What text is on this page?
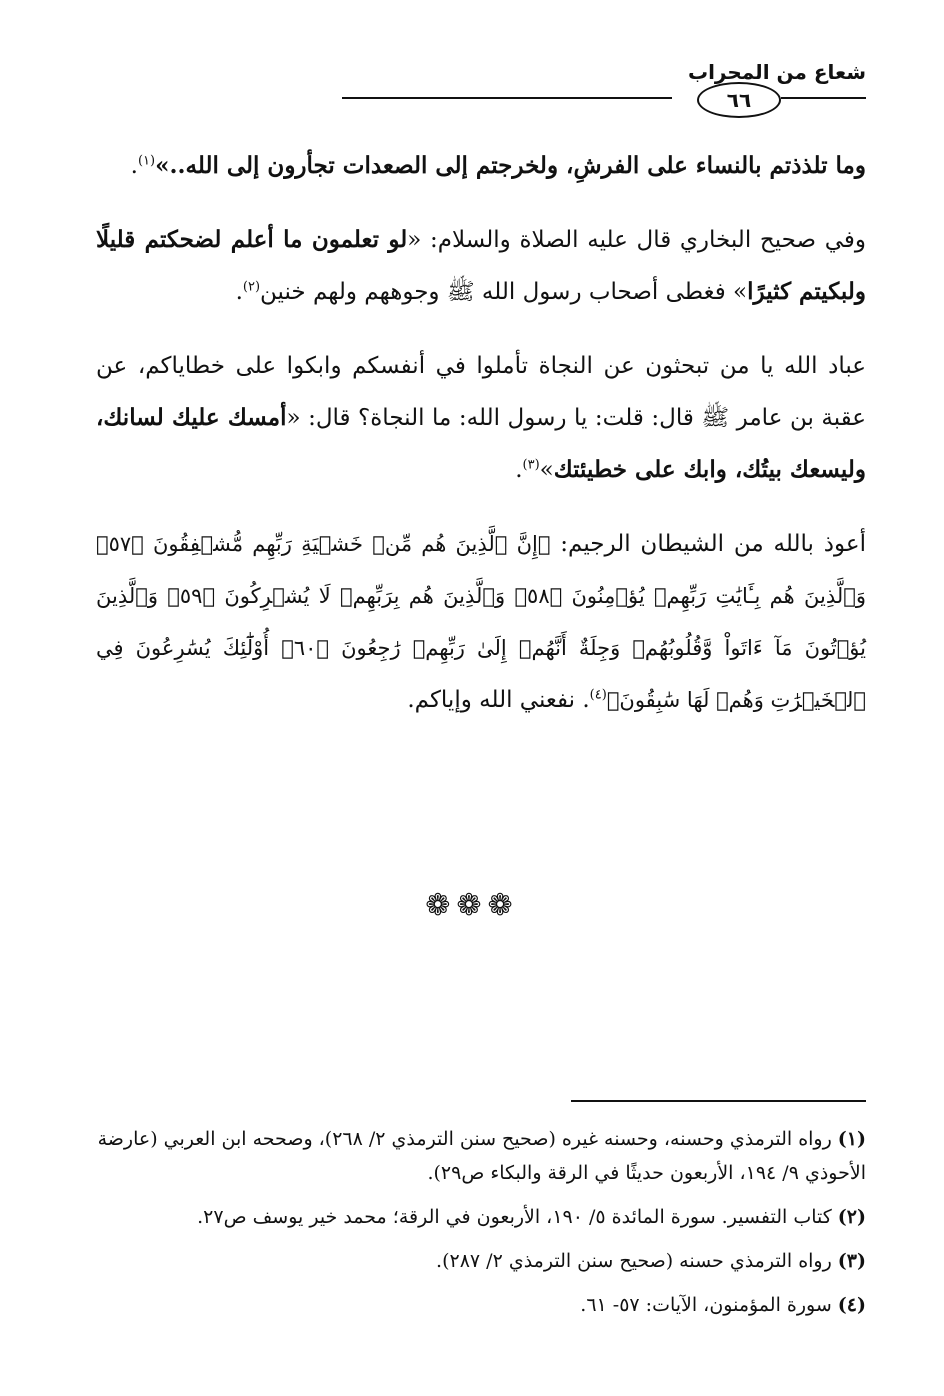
شعاع من المحراب
٦٦

وما تلذذتم بالنساء على الفرشِ، ولخرجتم إلى الصعدات تجأرون إلى الله..»$^{(١)}$.

وفي صحيح البخاري قال عليه الصلاة والسلام: «لو تعلمون ما أعلم لضحكتم قليلًا ولبكيتم كثيرًا» فغطى أصحاب رسول الله ﷺ وجوههم ولهم خنين$^{(٢)}$.

عباد الله يا من تبحثون عن النجاة تأملوا في أنفسكم وابكوا على خطاياكم، عن عقبة بن عامر ﷺ قال: قلت: يا رسول الله: ما النجاة؟ قال: «أمسك عليك لسانك، وليسعك بيتُك، وابك على خطيئتك»$^{(٣)}$.

أعوذ بالله من الشيطان الرجيم: ﴿إِنَّ ٱلَّذِينَ هُم مِّنۡ خَشۡيَةِ رَبِّهِم مُّشۡفِقُونَ ﴿٥٧﴾ وَٱلَّذِينَ هُم بِـَٔايَٰتِ رَبِّهِمۡ يُؤۡمِنُونَ ﴿٥٨﴾ وَٱلَّذِينَ هُم بِرَبِّهِمۡ لَا يُشۡرِكُونَ ﴿٥٩﴾ وَٱلَّذِينَ يُؤۡتُونَ مَآ ءَاتَواْ وَّقُلُوبُهُمۡ وَجِلَةٌ أَنَّهُمۡ إِلَىٰ رَبِّهِمۡ رَٰجِعُونَ ﴿٦٠﴾ أُوْلَٰٓئِكَ يُسَٰرِعُونَ فِي ٱلۡخَيۡرَٰتِ وَهُمۡ لَهَا سَٰبِقُونَ﴾$^{(٤)}$. نفعني الله وإياكم.

❁❁❁
(١)رواه الترمذي وحسنه، وحسنه غيره (صحيح سنن الترمذي ٢/ ٢٦٨)، وصححه ابن العربي (عارضة الأحوذي ٩/ ١٩٤، الأربعون حديثًا في الرقة والبكاء ص٢٩).
(٢)كتاب التفسير. سورة المائدة ٥/ ١٩٠، الأربعون في الرقة؛ محمد خير يوسف ص٢٧.
(٣)رواه الترمذي حسنه (صحيح سنن الترمذي ٢/ ٢٨٧).
(٤)سورة المؤمنون، الآيات: ٥٧- ٦١.
